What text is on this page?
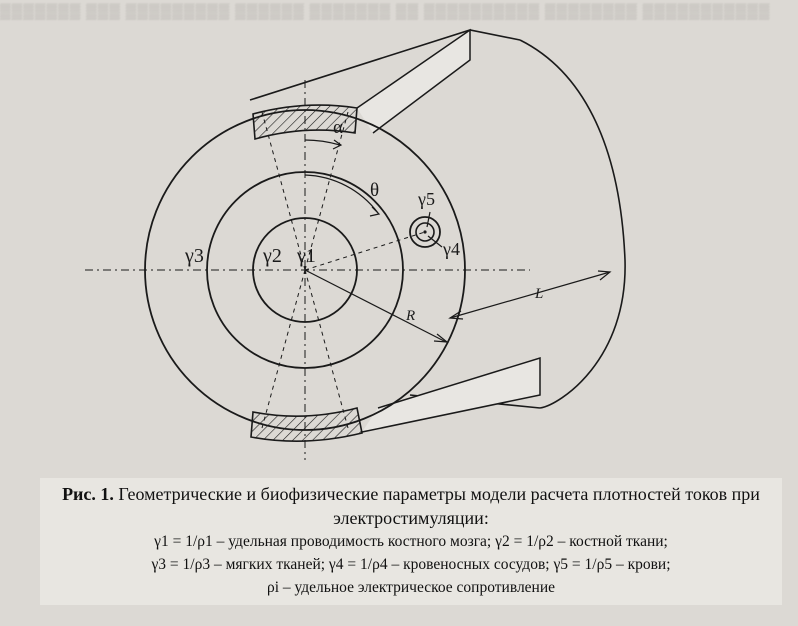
▒▒▒▒▒▒▒ ▒▒▒ ▒▒▒▒▒▒▒▒▒ ▒▒▒▒▒▒ ▒▒▒▒▒▒▒ ▒▒ ▒▒▒▒▒▒▒▒▒▒ ▒▒▒▒▒▒▒▒ ▒▒▒▒▒▒▒▒▒▒▒
α
θ
γ1
γ2
γ3	γ4
γ5
R
L
Рис. 1. Геометрические и биофизические параметры модели расчета плотностей токов при электростимуляции:
γ1 = 1/ρ1 – удельная проводимость костного мозга; γ2 = 1/ρ2 – костной ткани;
γ3 = 1/ρ3 – мягких тканей; γ4 = 1/ρ4 – кровеносных сосудов; γ5 = 1/ρ5 – крови;
ρi – удельное электрическое сопротивление
